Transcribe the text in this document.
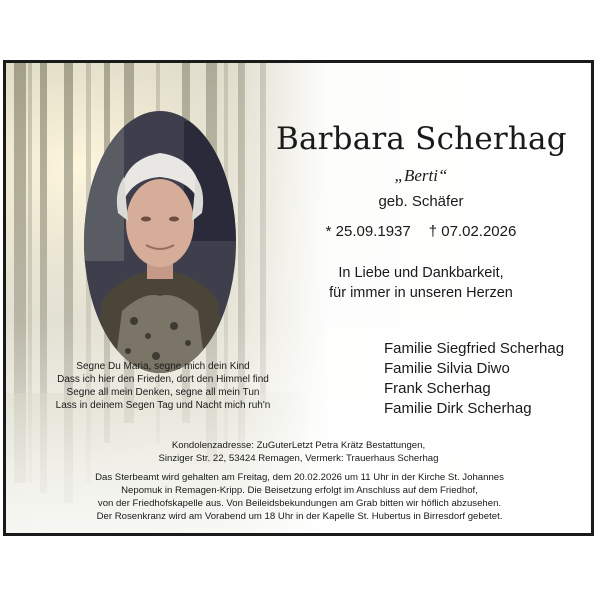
Barbara Scherhag
„Berti“
geb. Schäfer
* 25.09.1937 † 07.02.2026
In Liebe und Dankbarkeit,
für immer in unseren Herzen
Familie Siegfried Scherhag
Familie Silvia Diwo
Frank Scherhag
Familie Dirk Scherhag
Segne Du Maria, segne mich dein Kind
Dass ich hier den Frieden, dort den Himmel find
Segne all mein Denken, segne all mein Tun
Lass in deinem Segen Tag und Nacht mich ruh'n
Kondolenzadresse: ZuGuterLetzt Petra Krätz Bestattungen,
Sinziger Str. 22, 53424 Remagen, Vermerk: Trauerhaus Scherhag
Das Sterbeamt wird gehalten am Freitag, dem 20.02.2026 um 11 Uhr in der Kirche St. Johannes
Nepomuk in Remagen-Kripp. Die Beisetzung erfolgt im Anschluss auf dem Friedhof,
von der Friedhofskapelle aus. Von Beileidsbekundungen am Grab bitten wir höflich abzusehen.
Der Rosenkranz wird am Vorabend um 18 Uhr in der Kapelle St. Hubertus in Birresdorf gebetet.
